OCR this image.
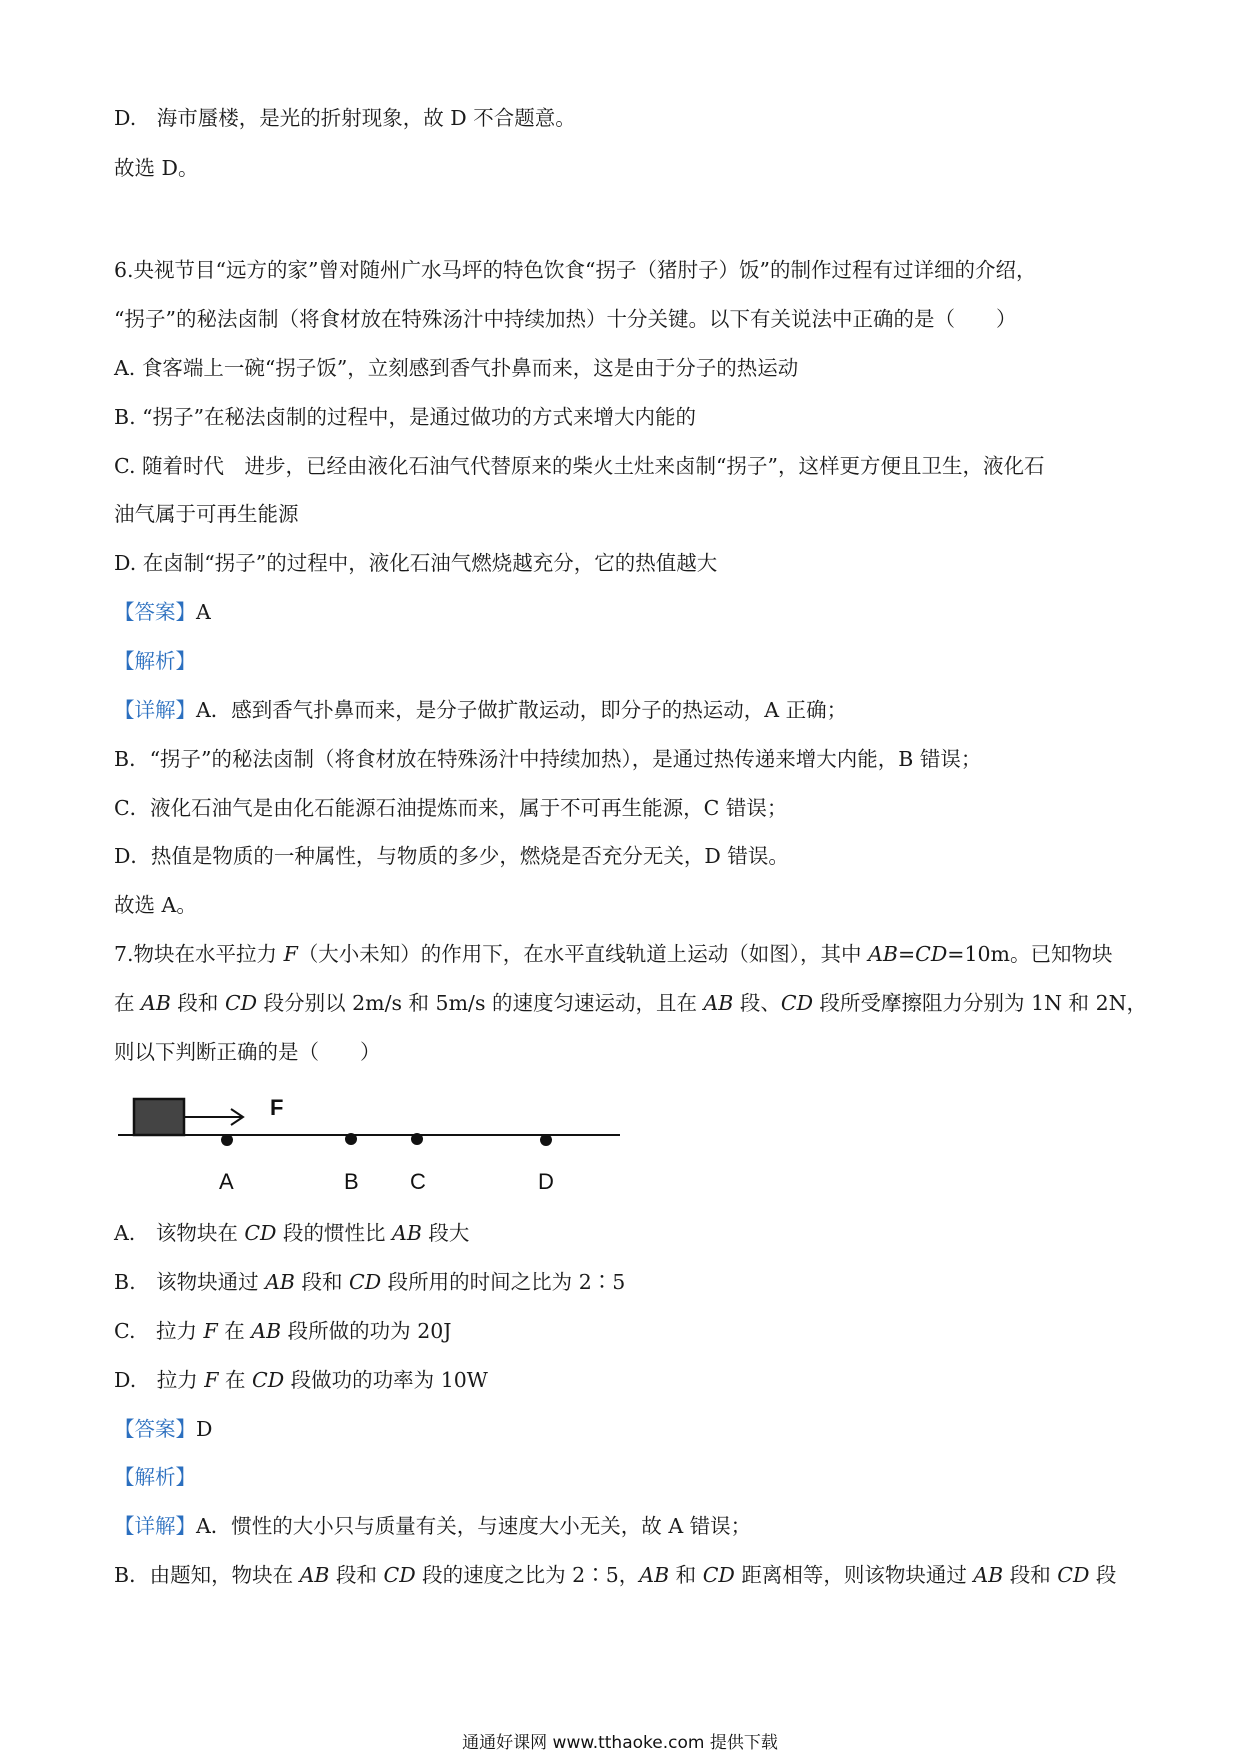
D.　海市蜃楼，是光的折射现象，故 D 不合题意。
故选 D。
6.央视节目“远方的家”曾对随州广水马坪的特色饮食“拐子（猪肘子）饭”的制作过程有过详细的介绍，
“拐子”的秘法卤制（将食材放在特殊汤汁中持续加热）十分关键。以下有关说法中正确的是（　　）
A. 食客端上一碗“拐子饭”，立刻感到香气扑鼻而来，这是由于分子的热运动
B. “拐子”在秘法卤制的过程中，是通过做功的方式来增大内能的
C. 随着时代　进步，已经由液化石油气代替原来的柴火土灶来卤制“拐子”，这样更方便且卫生，液化石
油气属于可再生能源
D. 在卤制“拐子”的过程中，液化石油气燃烧越充分，它的热值越大
【答案】A
【解析】
【详解】A．感到香气扑鼻而来，是分子做扩散运动，即分子的热运动，A 正确；
B．“拐子”的秘法卤制（将食材放在特殊汤汁中持续加热），是通过热传递来增大内能，B 错误；
C．液化石油气是由化石能源石油提炼而来，属于不可再生能源，C 错误；
D．热值是物质的一种属性，与物质的多少，燃烧是否充分无关，D 错误。
故选 A。
7.物块在水平拉力 F（大小未知）的作用下，在水平直线轨道上运动（如图），其中 AB=CD=10m。已知物块
在 AB 段和 CD 段分别以 2m/s 和 5m/s 的速度匀速运动，且在 AB 段、CD 段所受摩擦阻力分别为 1N 和 2N，
则以下判断正确的是（　　）
F
A	B C	D
A.　该物块在 CD 段的惯性比 AB 段大
B.　该物块通过 AB 段和 CD 段所用的时间之比为 2∶5
C.　拉力 F 在 AB 段所做的功为 20J
D.　拉力 F 在 CD 段做功的功率为 10W
【答案】D
【解析】
【详解】A．惯性的大小只与质量有关，与速度大小无关，故 A 错误；
B．由题知，物块在 AB 段和 CD 段的速度之比为 2∶5，AB 和 CD 距离相等，则该物块通过 AB 段和 CD 段
通通好课网 www.tthaoke.com 提供下载
